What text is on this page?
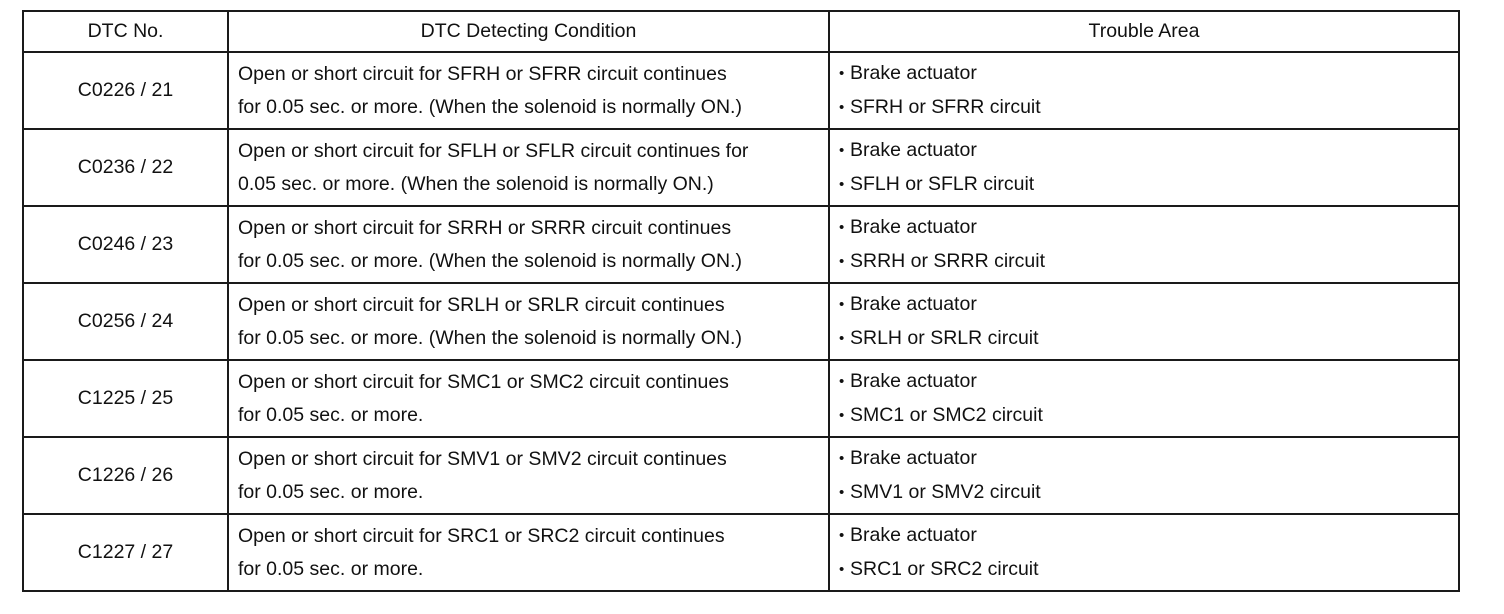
DTC No.	DTC Detecting Condition	Trouble Area
C0226 / 21	Open or short circuit for SFRH or SFRR circuit continues
for 0.05 sec. or more. (When the solenoid is normally ON.)	• Brake actuator
• SFRH or SFRR circuit

C0236 / 22	Open or short circuit for SFLH or SFLR circuit continues for
0.05 sec. or more. (When the solenoid is normally ON.)	• Brake actuator
• SFLH or SFLR circuit

C0246 / 23	Open or short circuit for SRRH or SRRR circuit continues
for 0.05 sec. or more. (When the solenoid is normally ON.)	• Brake actuator
• SRRH or SRRR circuit

C0256 / 24	Open or short circuit for SRLH or SRLR circuit continues
for 0.05 sec. or more. (When the solenoid is normally ON.)	• Brake actuator
• SRLH or SRLR circuit

C1225 / 25	Open or short circuit for SMC1 or SMC2 circuit continues
for 0.05 sec. or more.	• Brake actuator
• SMC1 or SMC2 circuit

C1226 / 26	Open or short circuit for SMV1 or SMV2 circuit continues
for 0.05 sec. or more.	• Brake actuator
• SMV1 or SMV2 circuit

C1227 / 27	Open or short circuit for SRC1 or SRC2 circuit continues
for 0.05 sec. or more.	• Brake actuator
• SRC1 or SRC2 circuit
